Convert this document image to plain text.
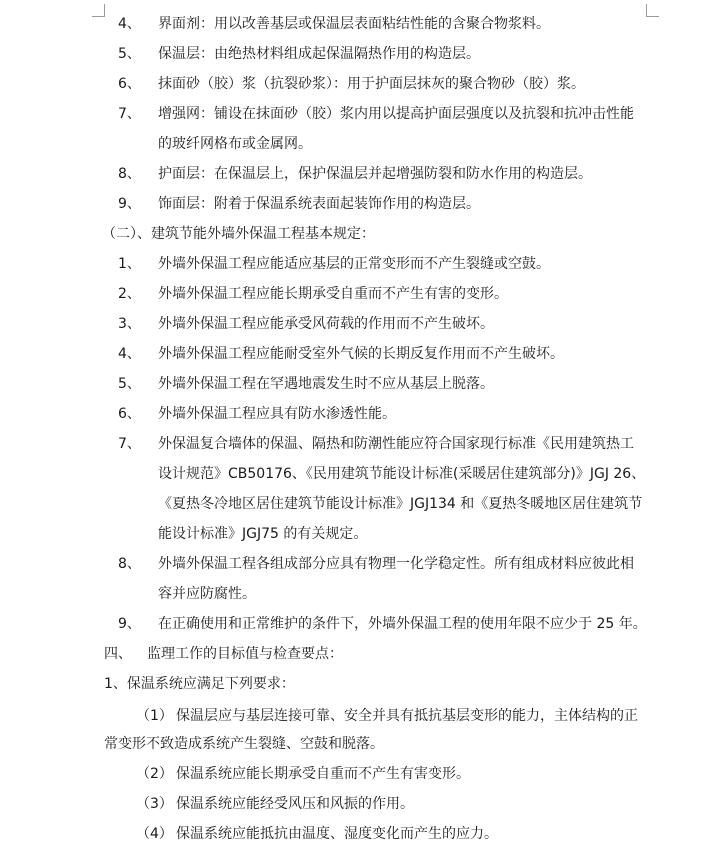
4、 界面剂：用以改善基层或保温层表面粘结性能的含聚合物浆料。
5、 保温层：由绝热材料组成起保温隔热作用的构造层。
6、 抹面砂（胶）浆（抗裂砂浆）：用于护面层抹灰的聚合物砂（胶）浆。
7、 增强网：铺设在抹面砂（胶）浆内用以提高护面层强度以及抗裂和抗冲击性能
的玻纤网格布或金属网。
8、 护面层：在保温层上，保护保温层并起增强防裂和防水作用的构造层。
9、 饰面层：附着于保温系统表面起装饰作用的构造层。
（二）、建筑节能外墙外保温工程基本规定：
1、 外墙外保温工程应能适应基层的正常变形而不产生裂缝或空鼓。
2、 外墙外保温工程应能长期承受自重而不产生有害的变形。
3、 外墙外保温工程应能承受风荷载的作用而不产生破坏。
4、 外墙外保温工程应能耐受室外气候的长期反复作用而不产生破坏。
5、 外墙外保温工程在罕遇地震发生时不应从基层上脱落。
6、 外墙外保温工程应具有防水渗透性能。
7、 外保温复合墙体的保温、隔热和防潮性能应符合国家现行标准《民用建筑热工
设计规范》CB50176、《民用建筑节能设计标准(采暖居住建筑部分)》JGJ 26、
《夏热冬冷地区居住建筑节能设计标准》JGJ134 和《夏热冬暖地区居住建筑节
能设计标准》JGJ75 的有关规定。
8、 外墙外保温工程各组成部分应具有物理一化学稳定性。所有组成材料应彼此相
容并应防腐性。
9、 在正确使用和正常维护的条件下，外墙外保温工程的使用年限不应少于 25 年。
四、 监理工作的目标值与检查要点：
1、保温系统应满足下列要求：
（1） 保温层应与基层连接可靠、安全并具有抵抗基层变形的能力，主体结构的正
常变形不致造成系统产生裂缝、空鼓和脱落。
（2） 保温系统应能长期承受自重而不产生有害变形。
（3） 保温系统应能经受风压和风振的作用。
（4） 保温系统应能抵抗由温度、湿度变化而产生的应力。
